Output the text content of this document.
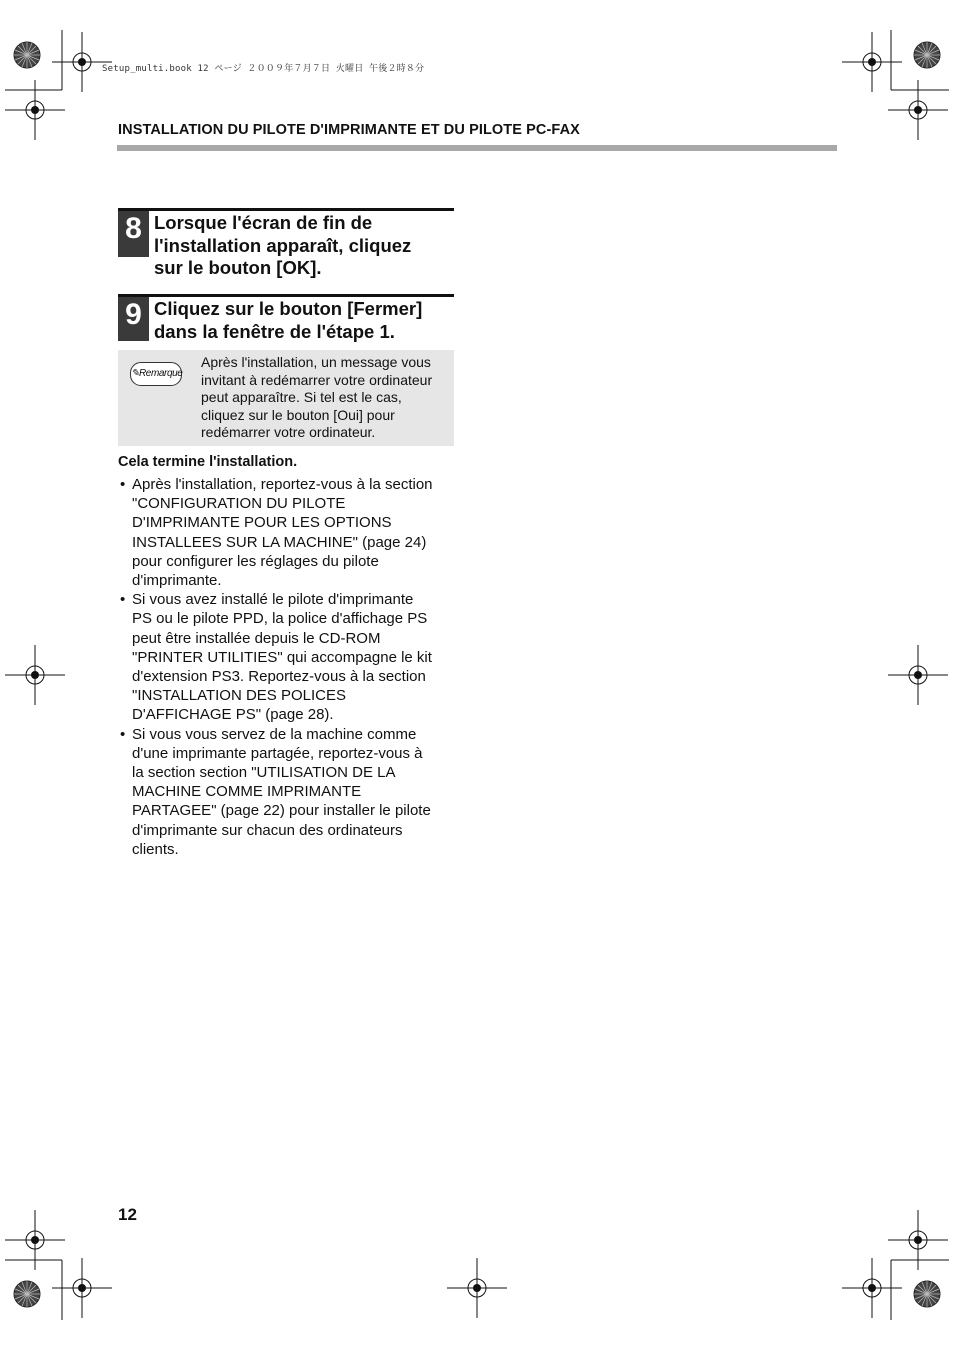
Setup_multi.book 12 ページ ２００９年７月７日 火曜日 午後２時８分
INSTALLATION DU PILOTE D'IMPRIMANTE ET DU PILOTE PC-FAX
8 Lorsque l'écran de fin de
l'installation apparaît, cliquez
sur le bouton [OK].
9 Cliquez sur le bouton [Fermer]
dans la fenêtre de l'étape 1.
✎Remarque
Après l'installation, un message vous
invitant à redémarrer votre ordinateur
peut apparaître. Si tel est le cas,
cliquez sur le bouton [Oui] pour
redémarrer votre ordinateur.
Cela termine l'installation.
• Après l'installation, reportez-vous à la section
"CONFIGURATION DU PILOTE
D'IMPRIMANTE POUR LES OPTIONS
INSTALLEES SUR LA MACHINE" (page 24)
pour configurer les réglages du pilote
d'imprimante.
• Si vous avez installé le pilote d'imprimante
PS ou le pilote PPD, la police d'affichage PS
peut être installée depuis le CD-ROM
"PRINTER UTILITIES" qui accompagne le kit
d'extension PS3. Reportez-vous à la section
"INSTALLATION DES POLICES
D'AFFICHAGE PS" (page 28).
• Si vous vous servez de la machine comme
d'une imprimante partagée, reportez-vous à
la section section "UTILISATION DE LA
MACHINE COMME IMPRIMANTE
PARTAGEE" (page 22) pour installer le pilote
d'imprimante sur chacun des ordinateurs
clients.
12
